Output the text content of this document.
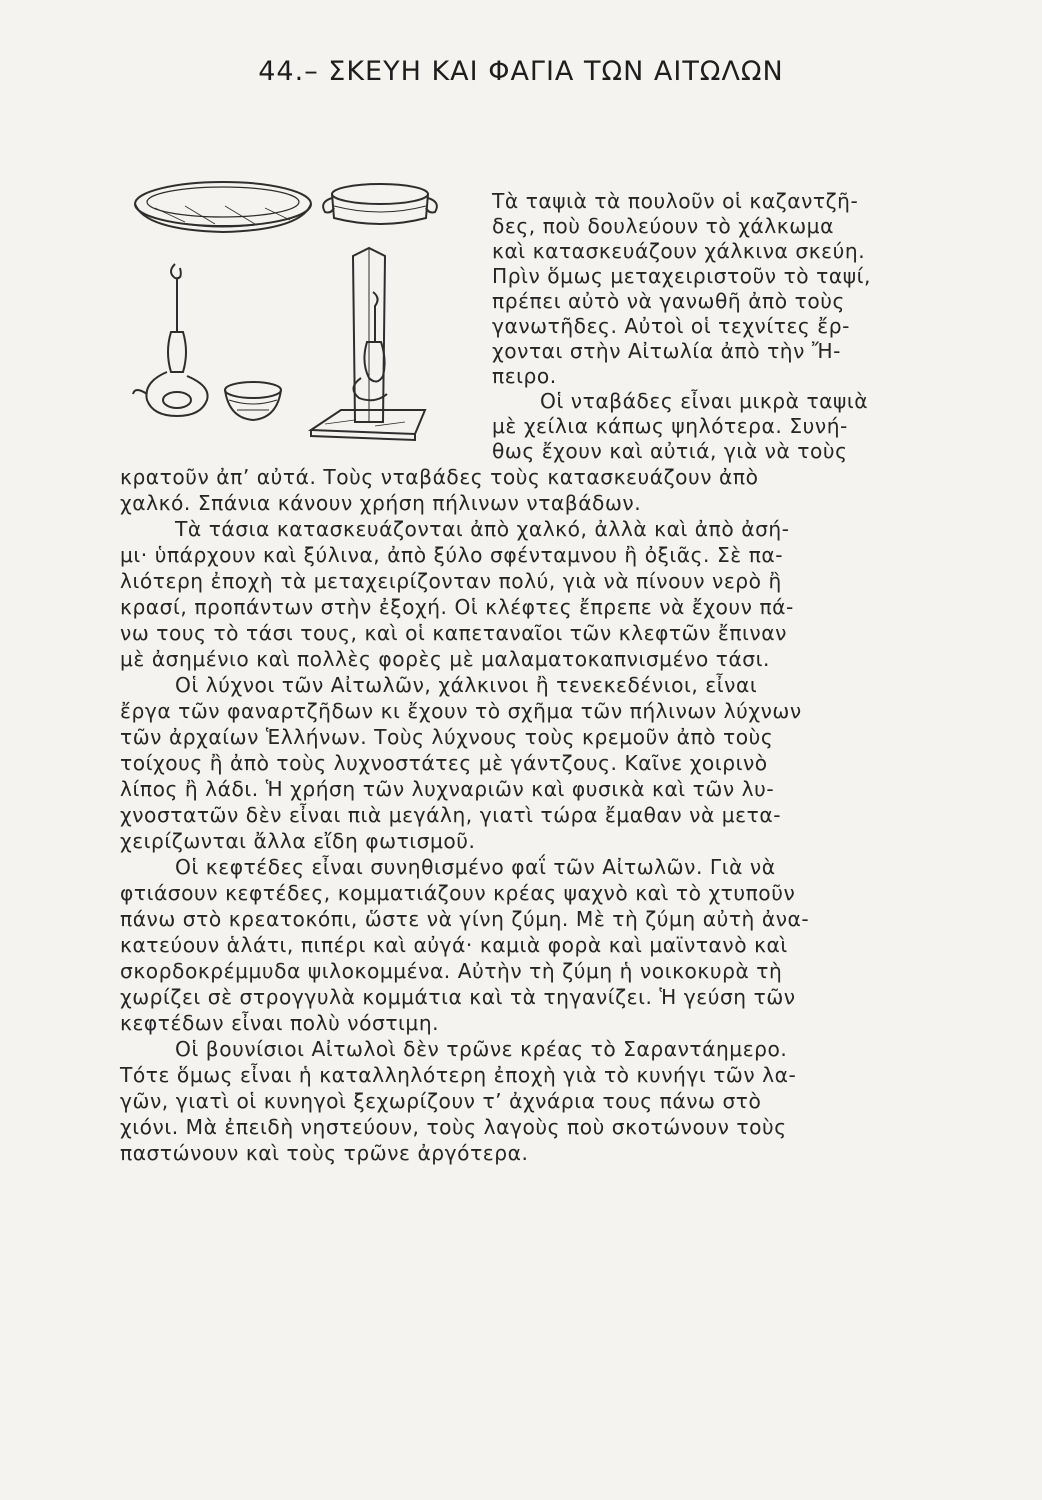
44.– ΣΚΕΥΗ ΚΑΙ ΦΑΓΙΑ ΤΩΝ ΑΙΤΩΛΩΝ
Τὰ ταψιὰ τὰ πουλοῦν οἱ καζαντζῆ-
δες, ποὺ δουλεύουν τὸ χάλκωμα
καὶ κατασκευάζουν χάλκινα σκεύη.
Πρὶν ὅμως μεταχειριστοῦν τὸ ταψί,
πρέπει αὐτὸ νὰ γανωθῆ ἀπὸ τοὺς
γανωτῆδες. Αὐτοὶ οἱ τεχνίτες ἔρ-
χονται στὴν Αἰτωλία ἀπὸ τὴν Ἤ-
πειρο.
Οἱ νταβάδες εἶναι μικρὰ ταψιὰ
μὲ χείλια κάπως ψηλότερα. Συνή-
θως ἔχουν καὶ αὐτιά, γιὰ νὰ τοὺς
κρατοῦν ἀπ’ αὐτά. Τοὺς νταβάδες τοὺς κατασκευάζουν ἀπὸ
χαλκό. Σπάνια κάνουν χρήση πήλινων νταβάδων.
Τὰ τάσια κατασκευάζονται ἀπὸ χαλκό, ἀλλὰ καὶ ἀπὸ ἀσή-
μι· ὑπάρχουν καὶ ξύλινα, ἀπὸ ξύλο σφένταμνου ἢ ὀξιᾶς. Σὲ πα-
λιότερη ἐποχὴ τὰ μεταχειρίζονταν πολύ, γιὰ νὰ πίνουν νερὸ ἢ
κρασί, προπάντων στὴν ἐξοχή. Οἱ κλέφτες ἔπρεπε νὰ ἔχουν πά-
νω τους τὸ τάσι τους, καὶ οἱ καπεταναῖοι τῶν κλεφτῶν ἔπιναν
μὲ ἀσημένιο καὶ πολλὲς φορὲς μὲ μαλαματοκαπνισμένο τάσι.
Οἱ λύχνοι τῶν Αἰτωλῶν, χάλκινοι ἢ τενεκεδένιοι, εἶναι
ἔργα τῶν φαναρτζῆδων κι ἔχουν τὸ σχῆμα τῶν πήλινων λύχνων
τῶν ἀρχαίων Ἑλλήνων. Τοὺς λύχνους τοὺς κρεμοῦν ἀπὸ τοὺς
τοίχους ἢ ἀπὸ τοὺς λυχνοστάτες μὲ γάντζους. Καῖνε χοιρινὸ
λίπος ἢ λάδι. Ἡ χρήση τῶν λυχναριῶν καὶ φυσικὰ καὶ τῶν λυ-
χνοστατῶν δὲν εἶναι πιὰ μεγάλη, γιατὶ τώρα ἔμαθαν νὰ μετα-
χειρίζωνται ἄλλα εἴδη φωτισμοῦ.
Οἱ κεφτέδες εἶναι συνηθισμένο φαΐ τῶν Αἰτωλῶν. Γιὰ νὰ
φτιάσουν κεφτέδες, κομματιάζουν κρέας ψαχνὸ καὶ τὸ χτυποῦν
πάνω στὸ κρεατοκόπι, ὥστε νὰ γίνη ζύμη. Μὲ τὴ ζύμη αὐτὴ ἀνα-
κατεύουν ἁλάτι, πιπέρι καὶ αὐγά· καμιὰ φορὰ καὶ μαϊντανὸ καὶ
σκορδοκρέμμυδα ψιλοκομμένα. Αὐτὴν τὴ ζύμη ἡ νοικοκυρὰ τὴ
χωρίζει σὲ στρογγυλὰ κομμάτια καὶ τὰ τηγανίζει. Ἡ γεύση τῶν
κεφτέδων εἶναι πολὺ νόστιμη.
Οἱ βουνίσιοι Αἰτωλοὶ δὲν τρῶνε κρέας τὸ Σαραντάημερο.
Τότε ὅμως εἶναι ἡ καταλληλότερη ἐποχὴ γιὰ τὸ κυνήγι τῶν λα-
γῶν, γιατὶ οἱ κυνηγοὶ ξεχωρίζουν τ’ ἀχνάρια τους πάνω στὸ
χιόνι. Μὰ ἐπειδὴ νηστεύουν, τοὺς λαγοὺς ποὺ σκοτώνουν τοὺς
παστώνουν καὶ τοὺς τρῶνε ἀργότερα.
